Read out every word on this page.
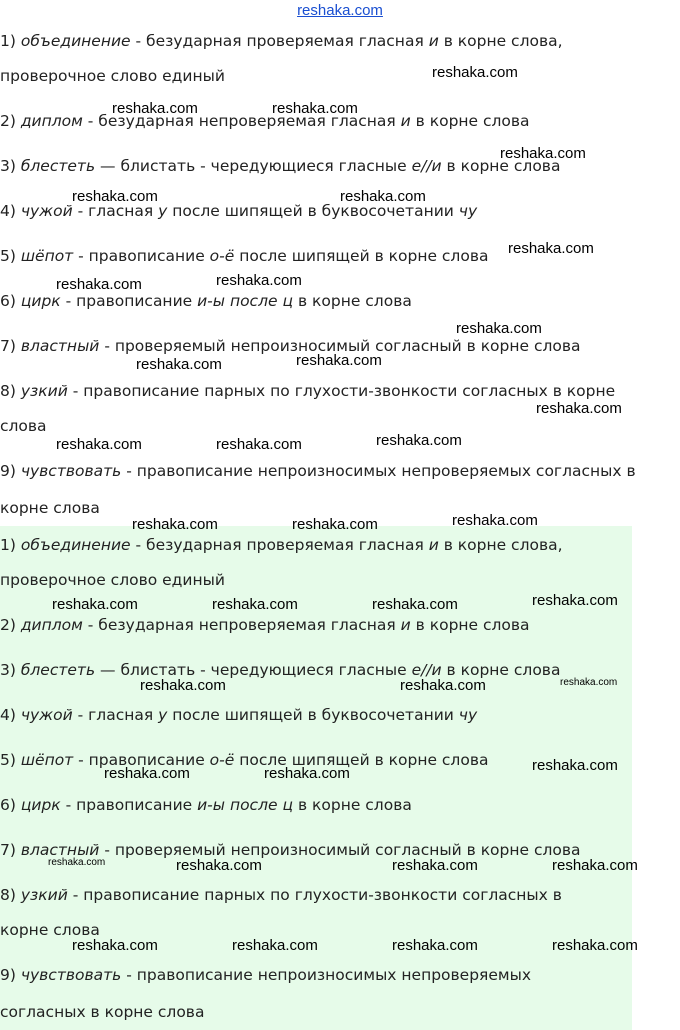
reshaka.com
1) объединение - безударная проверяемая гласная и в корне слова,
проверочное слово единый
2) диплом - безударная непроверяемая гласная и в корне слова
3) блестеть — блистать - чередующиеся гласные е//и в корне слова
4) чужой - гласная у после шипящей в буквосочетании чу
5) шёпот - правописание о-ё после шипящей в корне слова
6) цирк - правописание и-ы после ц в корне слова
7) властный - проверяемый непроизносимый согласный в корне слова
8) узкий - правописание парных по глухости-звонкости согласных в корне
слова
9) чувствовать - правописание непроизносимых непроверяемых согласных в
корне слова
1) объединение - безударная проверяемая гласная и в корне слова,
проверочное слово единый
2) диплом - безударная непроверяемая гласная и в корне слова
3) блестеть — блистать - чередующиеся гласные е//и в корне слова
4) чужой - гласная у после шипящей в буквосочетании чу
5) шёпот - правописание о-ё после шипящей в корне слова
6) цирк - правописание и-ы после ц в корне слова
7) властный - проверяемый непроизносимый согласный в корне слова
8) узкий - правописание парных по глухости-звонкости согласных в
корне слова
9) чувствовать - правописание непроизносимых непроверяемых
согласных в корне слова
reshaka.com
reshaka.com	reshaka.com
reshaka.com
reshaka.com	reshaka.com
reshaka.com
reshaka.com	reshaka.com
reshaka.com
reshaka.com	reshaka.com
reshaka.com
reshaka.com	reshaka.com	reshaka.com
reshaka.com	reshaka.com	reshaka.com
reshaka.com	reshaka.com	reshaka.com	reshaka.com
reshaka.com	reshaka.com
reshaka.com	reshaka.com	reshaka.com
reshaka.com	reshaka.com	reshaka.com
reshaka.com	reshaka.com	reshaka.com	reshaka.com
reshaka.com
reshaka.com
